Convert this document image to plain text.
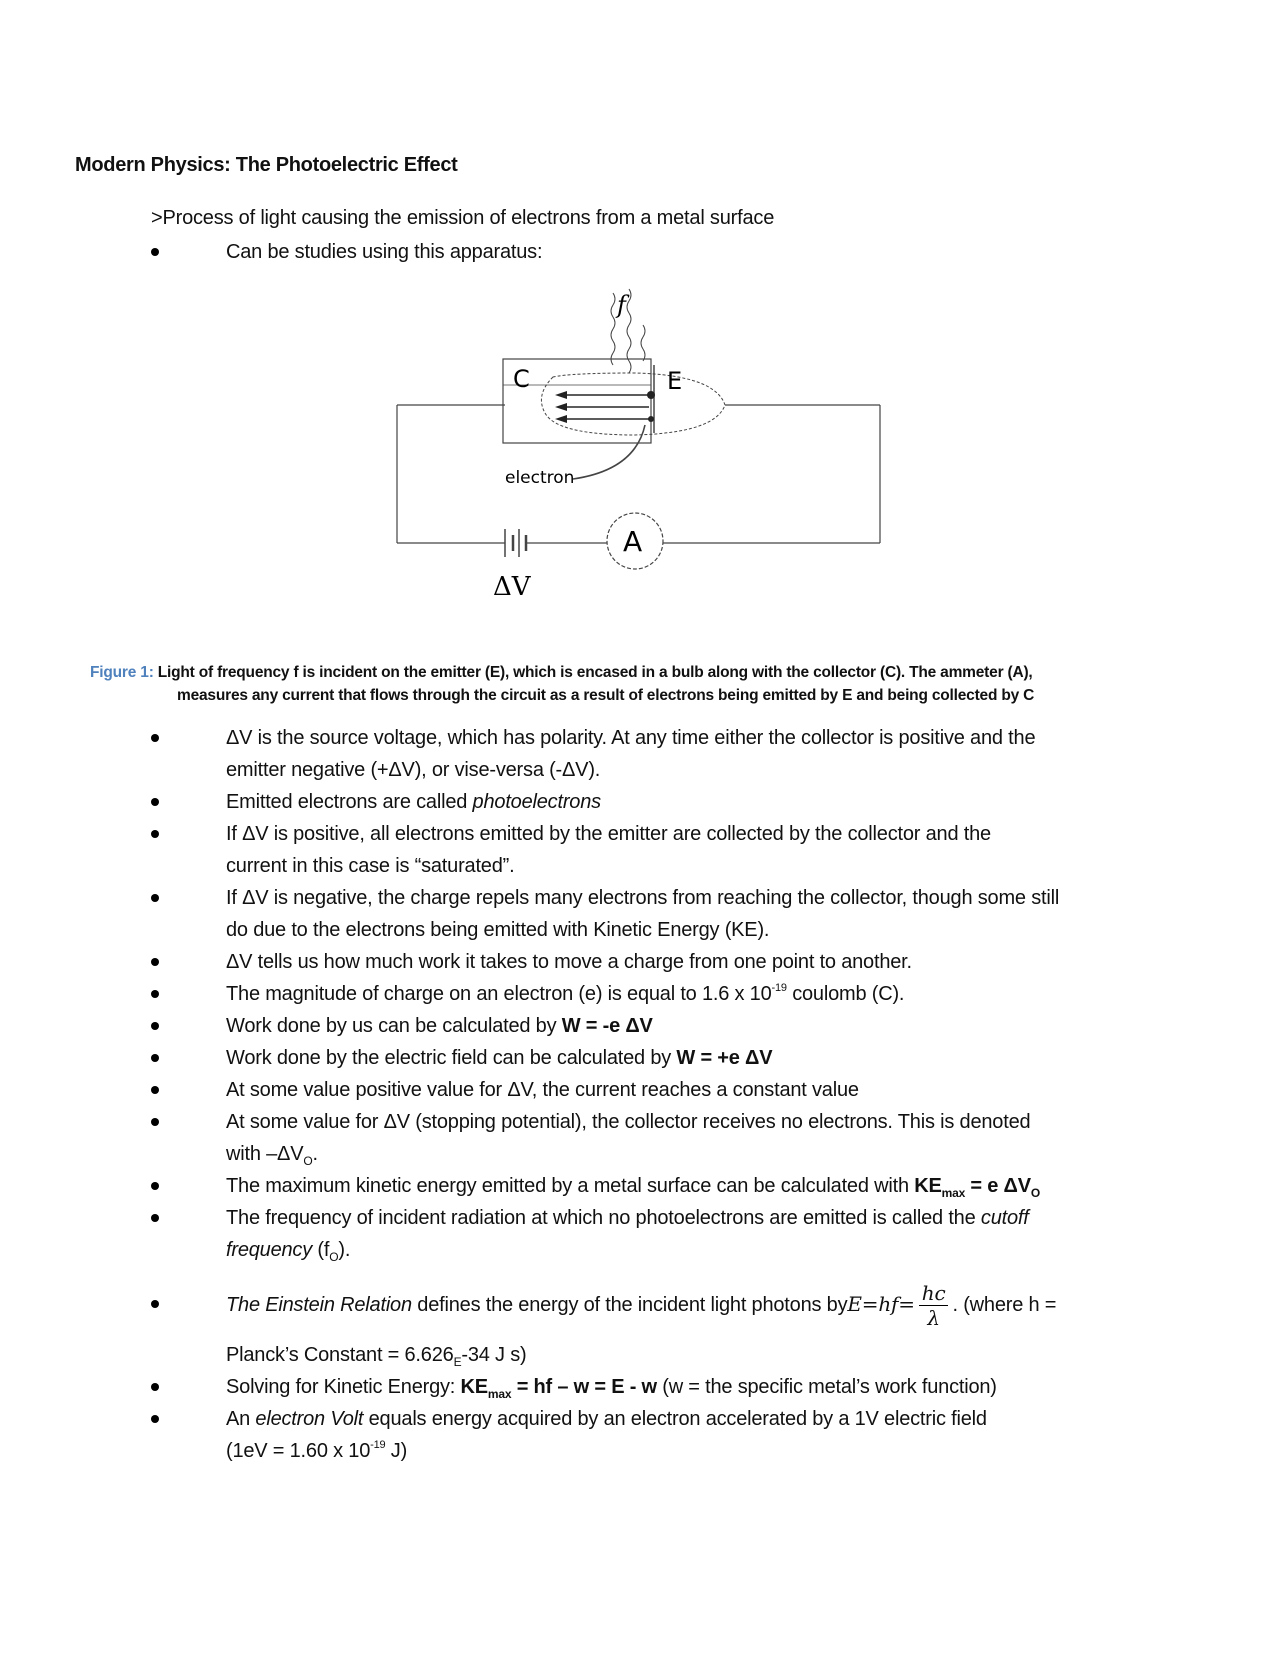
Modern Physics: The Photoelectric Effect
>Process of light causing the emission of electrons from a metal surface
Can be studies using this apparatus:
f
C	E
electron
A
ΔV
Figure 1: Light of frequency f is incident on the emitter (E), which is encased in a bulb along with the collector (C). The ammeter (A),
measures any current that flows through the circuit as a result of electrons being emitted by E and being collected by C
ΔV is the source voltage, which has polarity. At any time either the collector is positive and the
emitter negative (+ΔV), or vise-versa (-ΔV).
Emitted electrons are called photoelectrons
If ΔV is positive, all electrons emitted by the emitter are collected by the collector and the
current in this case is “saturated”.
If ΔV is negative, the charge repels many electrons from reaching the collector, though some still
do due to the electrons being emitted with Kinetic Energy (KE).
ΔV tells us how much work it takes to move a charge from one point to another.
The magnitude of charge on an electron (e) is equal to 1.6 x $10^{-19}$ coulomb (C).
Work done by us can be calculated by W = -e ΔV
Work done by the electric field can be calculated by W = +e ΔV
At some value positive value for ΔV, the current reaches a constant value
At some value for ΔV (stopping potential), the collector receives no electrons. This is denoted
with $-\Delta V_O$.
The maximum kinetic energy emitted by a metal surface can be calculated with $KE_{max} = e$ $\Delta V_O$
The frequency of incident radiation at which no photoelectrons are emitted is called the cutoff
frequency $(f_O)$.
The Einstein Relation defines the energy of the incident light photons $byE=hf= \frac{hc}{\lambda}$ . (where h =
Planck’s Constant = $6.626_E-34$ J s)
Solving for Kinetic Energy: $KE_{max}$ = hf – w = E - w (w = the specific metal’s work function)
An electron Volt equals energy acquired by an electron accelerated by a 1V electric field
(1eV = 1.60 x $10^{-19}$ J)
